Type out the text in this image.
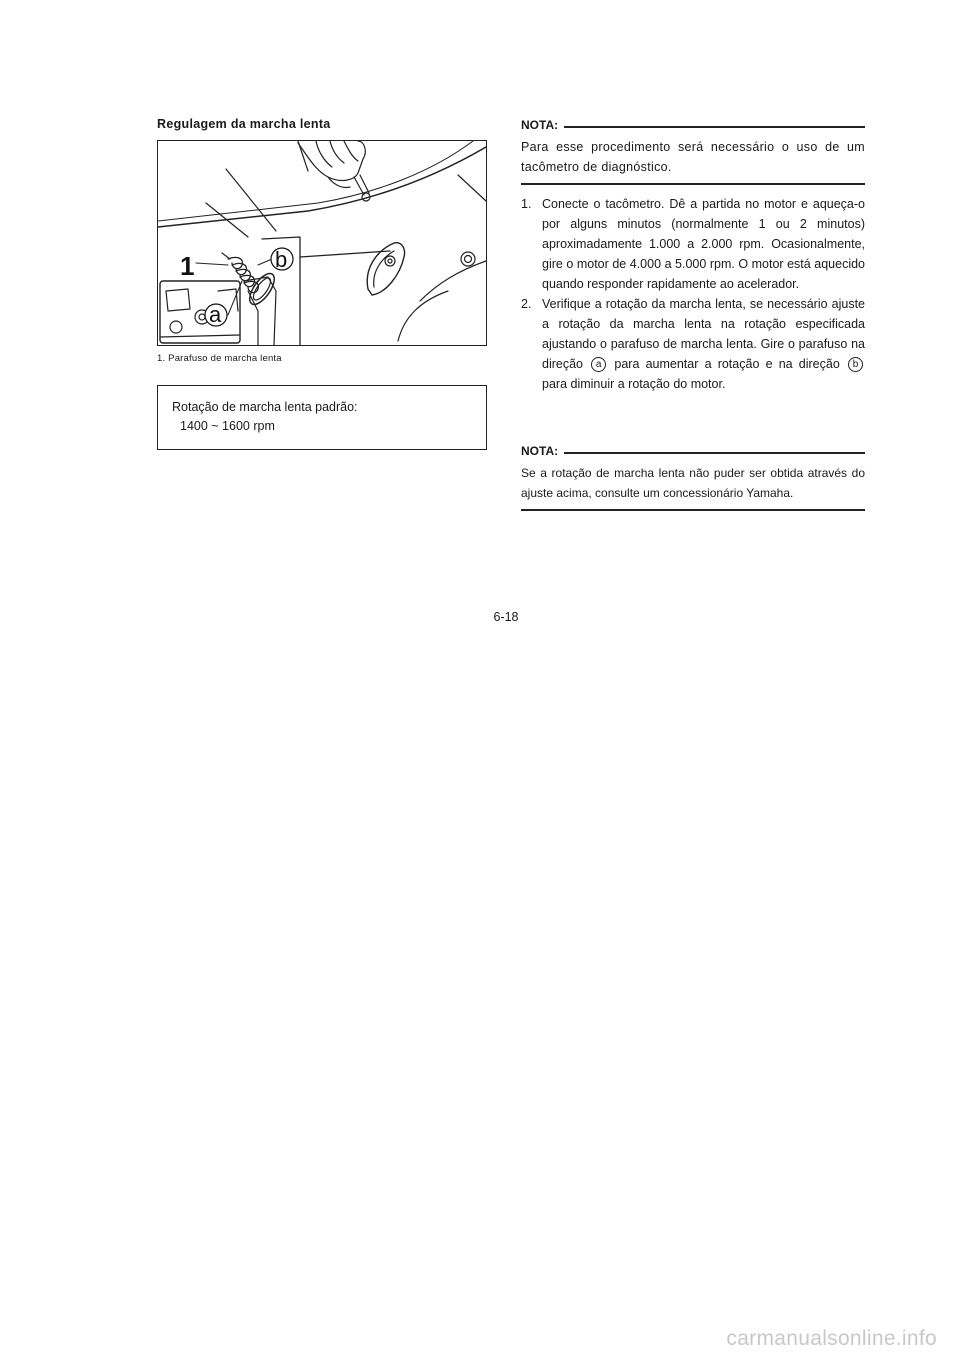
Regulagem da marcha lenta
1	b
a
1. Parafuso de marcha lenta
Rotação de marcha lenta padrão:
1400 ~ 1600 rpm
NOTA:
Para esse procedimento será necessário o uso de um tacômetro de diagnóstico.
1. Conecte o tacômetro. Dê a partida no motor e aqueça-o por alguns minutos (normalmente 1 ou 2 minutos) aproximadamente 1.000 a 2.000 rpm. Ocasionalmente, gire o motor de 4.000 a 5.000 rpm. O motor está aquecido quando responder rapidamente ao acelerador.
2. Verifique a rotação da marcha lenta, se necessário ajuste a rotação da marcha lenta na rotação especificada ajustando o parafuso de marcha lenta. Gire o parafuso na direção a para aumentar a rotação e na direção b para diminuir a rotação do motor.
NOTA:
Se a rotação de marcha lenta não puder ser obtida através do ajuste acima, consulte um concessionário Yamaha.
6-18
carmanualsonline.info
